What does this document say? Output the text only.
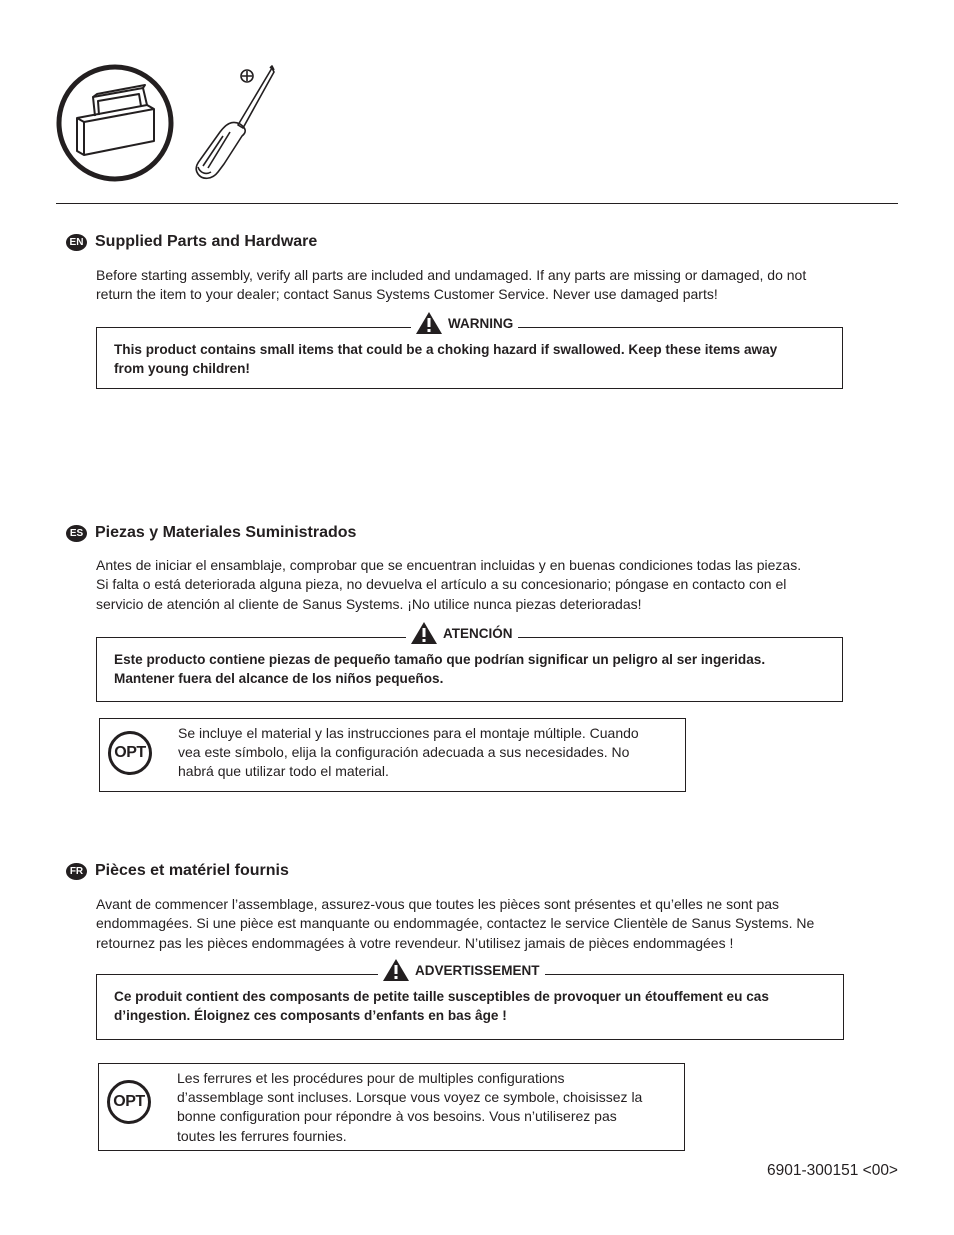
EN Supplied Parts and Hardware
Before starting assembly, verify all parts are included and undamaged. If any parts are missing or damaged, do not
return the item to your dealer; contact Sanus Systems Customer Service. Never use damaged parts!
WARNING
This product contains small items that could be a choking hazard if swallowed. Keep these items away
from young children!
ES Piezas y Materiales Suministrados
Antes de iniciar el ensamblaje, comprobar que se encuentran incluidas y en buenas condiciones todas las piezas.
Si falta o está deteriorada alguna pieza, no devuelva el artículo a su concesionario; póngase en contacto con el
servicio de atención al cliente de Sanus Systems. ¡No utilice nunca piezas deterioradas!
ATENCIÓN
Este producto contiene piezas de pequeño tamaño que podrían significar un peligro al ser ingeridas.
Mantener fuera del alcance de los niños pequeños.
OPT
Se incluye el material y las instrucciones para el montaje múltiple. Cuando
vea este símbolo, elija la configuración adecuada a sus necesidades. No
habrá que utilizar todo el material.
FR Pièces et matériel fournis
Avant de commencer l’assemblage, assurez-vous que toutes les pièces sont présentes et qu’elles ne sont pas
endommagées. Si une pièce est manquante ou endommagée, contactez le service Clientèle de Sanus Systems. Ne
retournez pas les pièces endommagées à votre revendeur. N’utilisez jamais de pièces endommagées !
ADVERTISSEMENT
Ce produit contient des composants de petite taille susceptibles de provoquer un étouffement eu cas
d’ingestion. Éloignez ces composants d’enfants en bas âge !
OPT
Les ferrures et les procédures pour de multiples configurations
d’assemblage sont incluses. Lorsque vous voyez ce symbole, choisissez la
bonne configuration pour répondre à vos besoins. Vous n’utiliserez pas
toutes les ferrures fournies.
6901-300151 <00>
